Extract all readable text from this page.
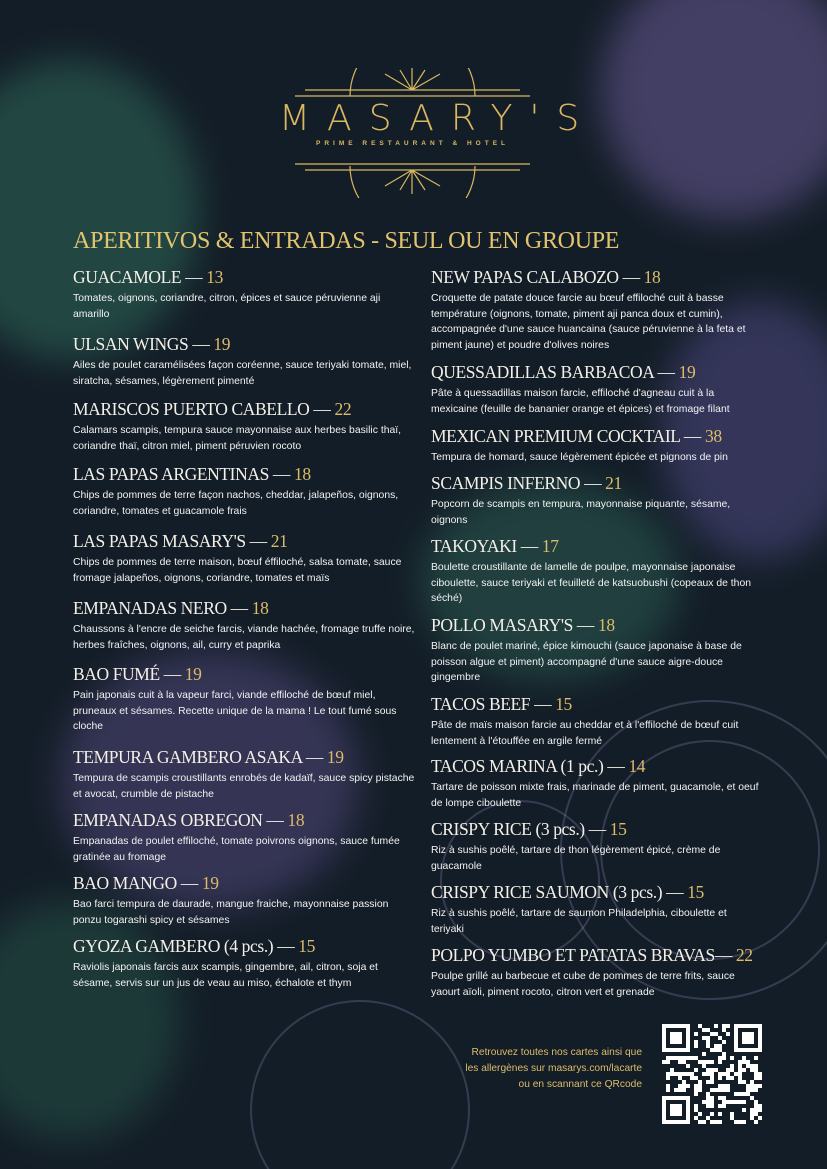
MASARY'S
PRIME RESTAURANT & HOTEL
APERITIVOS & ENTRADAS - SEUL OU EN GROUPE
GUACAMOLE — 13
Tomates, oignons, coriandre, citron, épices et sauce péruvienne aji amarillo
ULSAN WINGS — 19
Ailes de poulet caramélisées façon coréenne, sauce teriyaki tomate, miel, siratcha, sésames, légèrement pimenté
MARISCOS PUERTO CABELLO — 22
Calamars scampis, tempura sauce mayonnaise aux herbes basilic thaï, coriandre thaï, citron miel, piment péruvien rocoto
LAS PAPAS ARGENTINAS — 18
Chips de pommes de terre façon nachos, cheddar, jalapeños, oignons, coriandre, tomates et guacamole frais
LAS PAPAS MASARY'S — 21
Chips de pommes de terre maison, bœuf éffiloché, salsa tomate, sauce fromage jalapeños, oignons, coriandre, tomates et maïs
EMPANADAS NERO — 18
Chaussons à l'encre de seiche farcis, viande hachée, fromage truffe noire, herbes fraîches, oignons, ail, curry et paprika
BAO FUMÉ — 19
Pain japonais cuit à la vapeur farci, viande effiloché de bœuf miel, pruneaux et sésames. Recette unique de la mama ! Le tout fumé sous cloche
TEMPURA GAMBERO ASAKA — 19
Tempura de scampis croustillants enrobés de kadaïf, sauce spicy pistache et avocat, crumble de pistache
EMPANADAS OBREGON — 18
Empanadas de poulet effiloché, tomate poivrons oignons, sauce fumée gratinée au fromage
BAO MANGO — 19
Bao farci tempura de daurade, mangue fraiche, mayonnaise passion ponzu togarashi spicy et sésames
GYOZA GAMBERO (4 pcs.) — 15
Raviolis japonais farcis aux scampis, gingembre, ail, citron, soja et sésame, servis sur un jus de veau au miso, échalote et thym
NEW PAPAS CALABOZO — 18
Croquette de patate douce farcie au bœuf effiloché cuit à basse température (oignons, tomate, piment aji panca doux et cumin), accompagnée d'une sauce huancaina (sauce péruvienne à la feta et piment jaune) et poudre d'olives noires
QUESSADILLAS BARBACOA — 19
Pâte à quessadillas maison farcie, effiloché d'agneau cuit à la mexicaine (feuille de bananier orange et épices) et fromage filant
MEXICAN PREMIUM COCKTAIL — 38
Tempura de homard, sauce légèrement épicée et pignons de pin
SCAMPIS INFERNO — 21
Popcorn de scampis en tempura, mayonnaise piquante, sésame, oignons
TAKOYAKI — 17
Boulette croustillante de lamelle de poulpe, mayonnaise japonaise ciboulette, sauce teriyaki et feuilleté de katsuobushi (copeaux de thon séché)
POLLO MASARY'S — 18
Blanc de poulet mariné, épice kimouchi (sauce japonaise à base de poisson algue et piment) accompagné d'une sauce aigre-douce gingembre
TACOS BEEF — 15
Pâte de maïs maison farcie au cheddar et à l'effiloché de bœuf cuit lentement à l'étouffée en argile fermé
TACOS MARINA (1 pc.) — 14
Tartare de poisson mixte frais, marinade de piment, guacamole, et oeuf de lompe ciboulette
CRISPY RICE (3 pcs.) — 15
Riz à sushis poêlé, tartare de thon légèrement épicé, crème de guacamole
CRISPY RICE SAUMON (3 pcs.) — 15
Riz à sushis poêlé, tartare de saumon Philadelphia, ciboulette et teriyaki
POLPO YUMBO ET PATATAS BRAVAS— 22
Poulpe grillé au barbecue et cube de pommes de terre frits, sauce yaourt aïoli, piment rocoto, citron vert et grenade
Retrouvez toutes nos cartes ainsi que
les allergènes sur masarys.com/lacarte
ou en scannant ce QRcode
